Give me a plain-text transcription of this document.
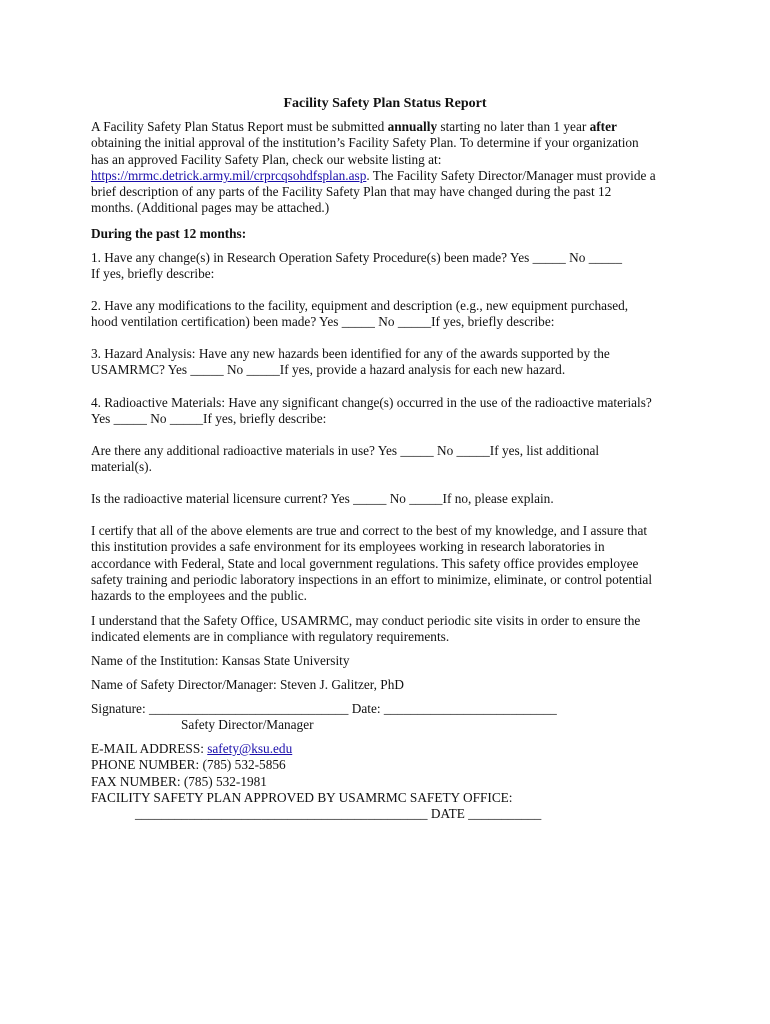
Facility Safety Plan Status Report
A Facility Safety Plan Status Report must be submitted annually starting no later than 1 year after
obtaining the initial approval of the institution’s Facility Safety Plan. To determine if your organization
has an approved Facility Safety Plan, check our website listing at:
https://mrmc.detrick.army.mil/crprcqsohdfsplan.asp. The Facility Safety Director/Manager must provide a
brief description of any parts of the Facility Safety Plan that may have changed during the past 12
months. (Additional pages may be attached.)
During the past 12 months:
1. Have any change(s) in Research Operation Safety Procedure(s) been made? Yes _____ No _____
If yes, briefly describe:
2. Have any modifications to the facility, equipment and description (e.g., new equipment purchased,
hood ventilation certification) been made? Yes _____ No _____If yes, briefly describe:
3. Hazard Analysis: Have any new hazards been identified for any of the awards supported by the
USAMRMC? Yes _____ No _____If yes, provide a hazard analysis for each new hazard.
4. Radioactive Materials: Have any significant change(s) occurred in the use of the radioactive materials?
Yes _____ No _____If yes, briefly describe:
Are there any additional radioactive materials in use? Yes _____ No _____If yes, list additional
material(s).
Is the radioactive material licensure current? Yes _____ No _____If no, please explain.
I certify that all of the above elements are true and correct to the best of my knowledge, and I assure that
this institution provides a safe environment for its employees working in research laboratories in
accordance with Federal, State and local government regulations. This safety office provides employee
safety training and periodic laboratory inspections in an effort to minimize, eliminate, or control potential
hazards to the employees and the public.
I understand that the Safety Office, USAMRMC, may conduct periodic site visits in order to ensure the
indicated elements are in compliance with regulatory requirements.
Name of the Institution: Kansas State University
Name of Safety Director/Manager: Steven J. Galitzer, PhD
Signature: ______________________________ Date: __________________________
Safety Director/Manager
E-MAIL ADDRESS: safety@ksu.edu
PHONE NUMBER: (785) 532-5856
FAX NUMBER: (785) 532-1981
FACILITY SAFETY PLAN APPROVED BY USAMRMC SAFETY OFFICE:
____________________________________________ DATE ___________
